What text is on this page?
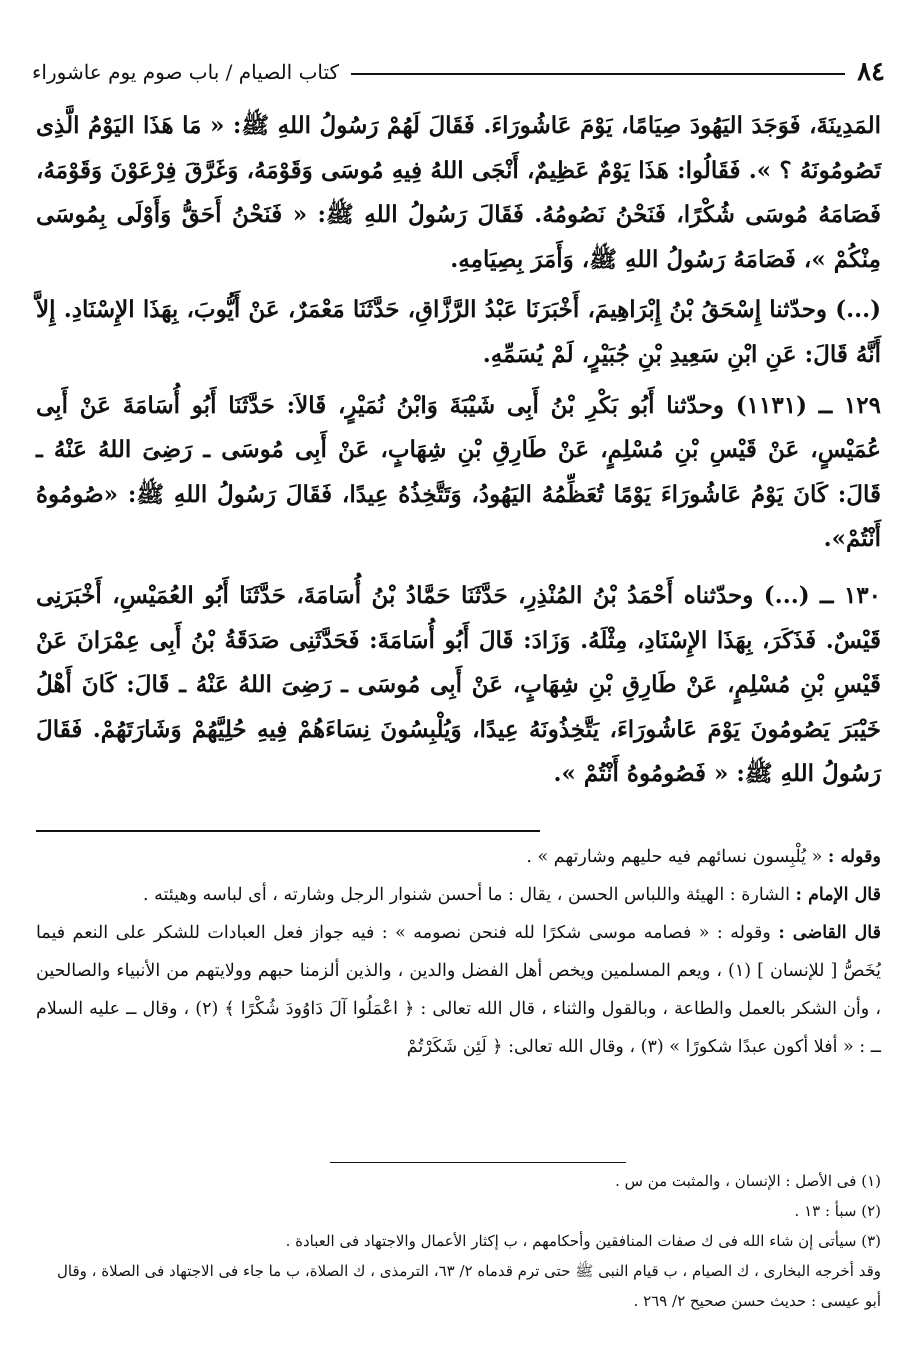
٨٤
كتاب الصيام / باب صوم يوم عاشوراء

المَدِينَةَ، فَوَجَدَ اليَهُودَ صِيَامًا، يَوْمَ عَاشُورَاءَ. فَقَالَ لَهُمْ رَسُولُ اللهِ ﷺ: « مَا هَذَا اليَوْمُ الَّذِى تَصُومُونَهُ ؟ ». فَقَالُوا: هَذَا يَوْمٌ عَظِيمٌ، أَنْجَى اللهُ فِيهِ مُوسَى وَقَوْمَهُ، وَغَرَّقَ فِرْعَوْنَ وَقَوْمَهُ، فَصَامَهُ مُوسَى شُكْرًا، فَنَحْنُ نَصُومُهُ. فَقَالَ رَسُولُ اللهِ ﷺ: « فَنَحْنُ أَحَقُّ وَأَوْلَى بِمُوسَى مِنْكُمْ »، فَصَامَهُ رَسُولُ اللهِ ﷺ، وَأَمَرَ بِصِيَامِهِ.

(...) وحدّثنا إِسْحَقُ بْنُ إِبْرَاهِيمَ، أَخْبَرَنَا عَبْدُ الرَّزَّاقِ، حَدَّثَنَا مَعْمَرٌ، عَنْ أَيُّوبَ، بِهَذَا الإِسْنَادِ. إِلاَّ أَنَّهُ قَالَ: عَنِ ابْنِ سَعِيدِ بْنِ جُبَيْرٍ، لَمْ يُسَمِّهِ.

١٢٩ ــ (١١٣١) وحدّثنا أَبُو بَكْرِ بْنُ أَبِى شَيْبَةَ وَابْنُ نُمَيْرٍ، قَالاَ: حَدَّثَنَا أَبُو أُسَامَةَ عَنْ أَبِى عُمَيْسٍ، عَنْ قَيْسِ بْنِ مُسْلِمٍ، عَنْ طَارِقِ بْنِ شِهَابٍ، عَنْ أَبِى مُوسَى ـ رَضِىَ اللهُ عَنْهُ ـ قَالَ: كَانَ يَوْمُ عَاشُورَاءَ يَوْمًا تُعَظِّمُهُ اليَهُودُ، وَتَتَّخِذُهُ عِيدًا، فَقَالَ رَسُولُ اللهِ ﷺ: «صُومُوهُ أَنْتُمْ».

١٣٠ ــ (...) وحدّثناه أَحْمَدُ بْنُ المُنْذِرِ، حَدَّثَنَا حَمَّادُ بْنُ أُسَامَةَ، حَدَّثَنَا أَبُو العُمَيْسِ، أَخْبَرَنِى قَيْسٌ. فَذَكَرَ، بِهَذَا الإِسْنَادِ، مِثْلَهُ. وَزَادَ: قَالَ أَبُو أُسَامَةَ: فَحَدَّثَنِى صَدَقَةُ بْنُ أَبِى عِمْرَانَ عَنْ قَيْسِ بْنِ مُسْلِمٍ، عَنْ طَارِقِ بْنِ شِهَابٍ، عَنْ أَبِى مُوسَى ـ رَضِىَ اللهُ عَنْهُ ـ قَالَ: كَانَ أَهْلُ خَيْبَرَ يَصُومُونَ يَوْمَ عَاشُورَاءَ، يَتَّخِذُونَهُ عِيدًا، وَيُلْبِسُونَ نِسَاءَهُمْ فِيهِ حُلِيَّهُمْ وَشَارَتَهُمْ. فَقَالَ رَسُولُ اللهِ ﷺ: « فَصُومُوهُ أَنْتُمْ ».

وقوله : « يُلْبِسون نسائهم فيه حليهم وشارتهم » .

قال الإمام : الشارة : الهيئة واللباس الحسن ، يقال : ما أحسن شنوار الرجل وشارته ، أى لباسه وهيئته .

قال القاضى : وقوله : « فصامه موسى شكرًا لله فنحن نصومه » : فيه جواز فعل العبادات للشكر على النعم فيما يُخَصُّ [ للإنسان ] (١) ، ويعم المسلمين ويخص أهل الفضل والدين ، والذين ألزمنا حبهم وولايتهم من الأنبياء والصالحين ، وأن الشكر بالعمل والطاعة ، وبالقول والثناء ، قال الله تعالى : ﴿ اعْمَلُوا آلَ دَاوُودَ شُكْرًا ﴾ (٢) ، وقال ــ عليه السلام ــ : « أفلا أكون عبدًا شكورًا » (٣) ، وقال الله تعالى: ﴿ لَئِن شَكَرْتُمْ

(١) فى الأصل : الإنسان ، والمثبت من س .

(٢) سبأ : ١٣ .

(٣) سيأتى إن شاء الله فى ك صفات المنافقين وأحكامهم ، ب إكثار الأعمال والاجتهاد فى العبادة .

وقد أخرجه البخارى ، ك الصيام ، ب قيام النبى ﷺ حتى ترم قدماه ٢/ ٦٣، الترمذى ، ك الصلاة، ب ما جاء فى الاجتهاد فى الصلاة ، وقال أبو عيسى : حديث حسن صحيح ٢/ ٢٦٩ .
